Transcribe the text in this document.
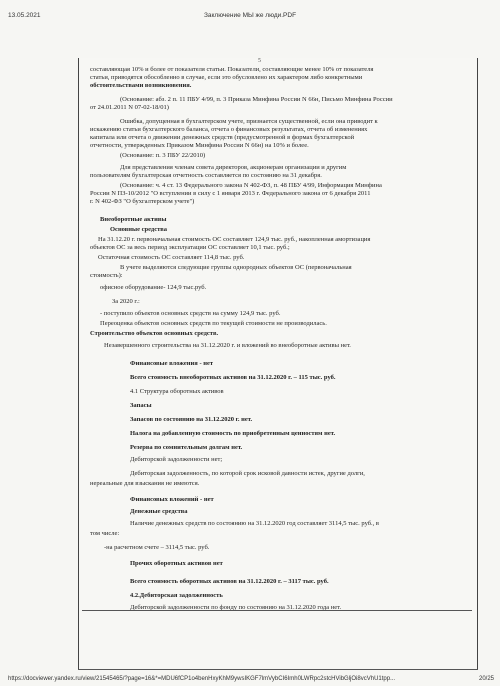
13.05.2021	Заключение МЫ же люди.PDF
5
составляющая 10% и более от показателя статьи. Показатели, составляющие менее 10% от показателя
статьи, приводятся обособленно в случае, если это обусловлено их характером либо конкретными
обстоятельствами возникновения.
(Основание: абз. 2 п. 11 ПБУ 4/99, п. 3 Приказа Минфина России N 66н, Письмо Минфина России
от 24.01.2011 N 07-02-18/01)
Ошибка, допущенная в бухгалтерском учете, признается существенной, если она приводит к
искажению статьи бухгалтерского баланса, отчета о финансовых результатах, отчета об изменениях
капитала или отчета о движении денежных средств (предусмотренной в формах бухгалтерской
отчетности, утвержденных Приказом Минфина России N 66н) на 10% и более.
(Основание: п. 3 ПБУ 22/2010)
Для представления членам совета директоров, акционерам организации и другим
пользователям бухгалтерская отчетность составляется по состоянию на 31 декабря.
(Основание: ч. 4 ст. 13 Федерального закона N 402-ФЗ, п. 48 ПБУ 4/99, Информация Минфина
России N ПЗ-10/2012 "О вступлении в силу с 1 января 2013 г. Федерального закона от 6 декабря 2011
г. N 402-ФЗ "О бухгалтерском учете")
Внеоборотные активы
Основные средства
На 31.12.20 г. первоначальная стоимость ОС составляет 124,9 тыс. руб., накопленная амортизация
объектов ОС за весь период эксплуатации ОС составляет 10,1 тыс. руб.;
Остаточная стоимость ОС составляет 114,8 тыс. руб.
В учете выделяются следующие группы однородных объектов ОС (первоначальная
стоимость):
офисное оборудование- 124,9 тыс.руб.
За 2020 г.:
- поступило объектов основных средств на сумму 124,9 тыс. руб.
Переоценка объектов основных средств по текущей стоимости не производилась.
Строительство объектов основных средств.
Незавершенного строительства на 31.12.2020 г. и вложений во внеоборотные активы нет.
Финансовые вложения - нет
Всего стоимость внеоборотных активов на 31.12.2020 г. – 115 тыс. руб.
4.1 Структура оборотных активов
Запасы
Запасов по состоянию на 31.12.2020 г. нет.
Налога на добавленную стоимость по приобретенным ценностям нет.
Резерва по сомнительным долгам нет.
Дебиторской задолженности нет;
Дебиторская задолженность, по которой срок исковой давности истек, другие долги,
нереальные для взыскания не имеются.
Финансовых вложений - нет
Денежные средства
Наличие денежных средств по состоянию на 31.12.2020 год составляет 3114,5 тыс. руб., в
том числе:
-на расчетном счете – 3114,5 тыс. руб.
Прочих оборотных активов нет
Всего стоимость оборотных активов на 31.12.2020 г. – 3117 тыс. руб.
4.2.Дебиторская задолженность
Дебиторской задолженности по фонду по состоянию на 31.12.2020 года нет.
https://docviewer.yandex.ru/view/21545465/?page=16&*=MDU6fCP1o4benHxyKhM9ywsIKGF7lmVybCI6Imh0LWRpc2stcHVibGljOi8vcVhU1tpp...	20/25
